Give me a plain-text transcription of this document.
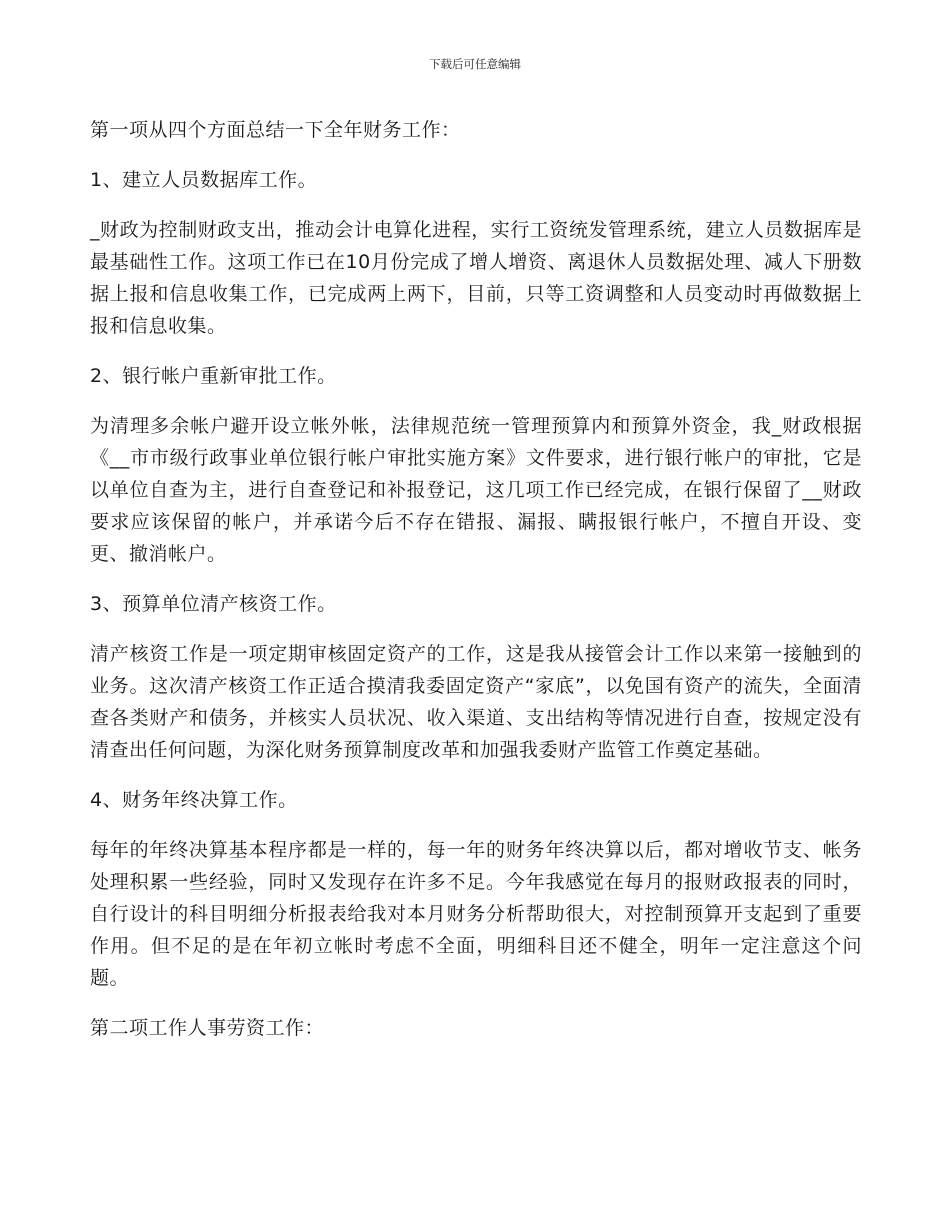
下载后可任意编辑

第一项从四个方面总结一下全年财务工作：

1、建立人员数据库工作。

_财政为控制财政支出，推动会计电算化进程，实行工资统发管理系统，建立人员数据库是最基础性工作。这项工作已在10月份完成了增人增资、离退休人员数据处理、减人下册数据上报和信息收集工作，已完成两上两下，目前，只等工资调整和人员变动时再做数据上报和信息收集。

2、银行帐户重新审批工作。

为清理多余帐户避开设立帐外帐，法律规范统一管理预算内和预算外资金，我_财政根据《__市市级行政事业单位银行帐户审批实施方案》文件要求，进行银行帐户的审批，它是以单位自查为主，进行自查登记和补报登记，这几项工作已经完成，在银行保留了__财政要求应该保留的帐户，并承诺今后不存在错报、漏报、瞒报银行帐户，不擅自开设、变更、撤消帐户。

3、预算单位清产核资工作。

清产核资工作是一项定期审核固定资产的工作，这是我从接管会计工作以来第一接触到的业务。这次清产核资工作正适合摸清我委固定资产“家底”，以免国有资产的流失，全面清查各类财产和债务，并核实人员状况、收入渠道、支出结构等情况进行自查，按规定没有清查出任何问题，为深化财务预算制度改革和加强我委财产监管工作奠定基础。

4、财务年终决算工作。

每年的年终决算基本程序都是一样的，每一年的财务年终决算以后，都对增收节支、帐务处理积累一些经验，同时又发现存在许多不足。今年我感觉在每月的报财政报表的同时，自行设计的科目明细分析报表给我对本月财务分析帮助很大，对控制预算开支起到了重要作用。但不足的是在年初立帐时考虑不全面，明细科目还不健全，明年一定注意这个问题。

第二项工作人事劳资工作：
